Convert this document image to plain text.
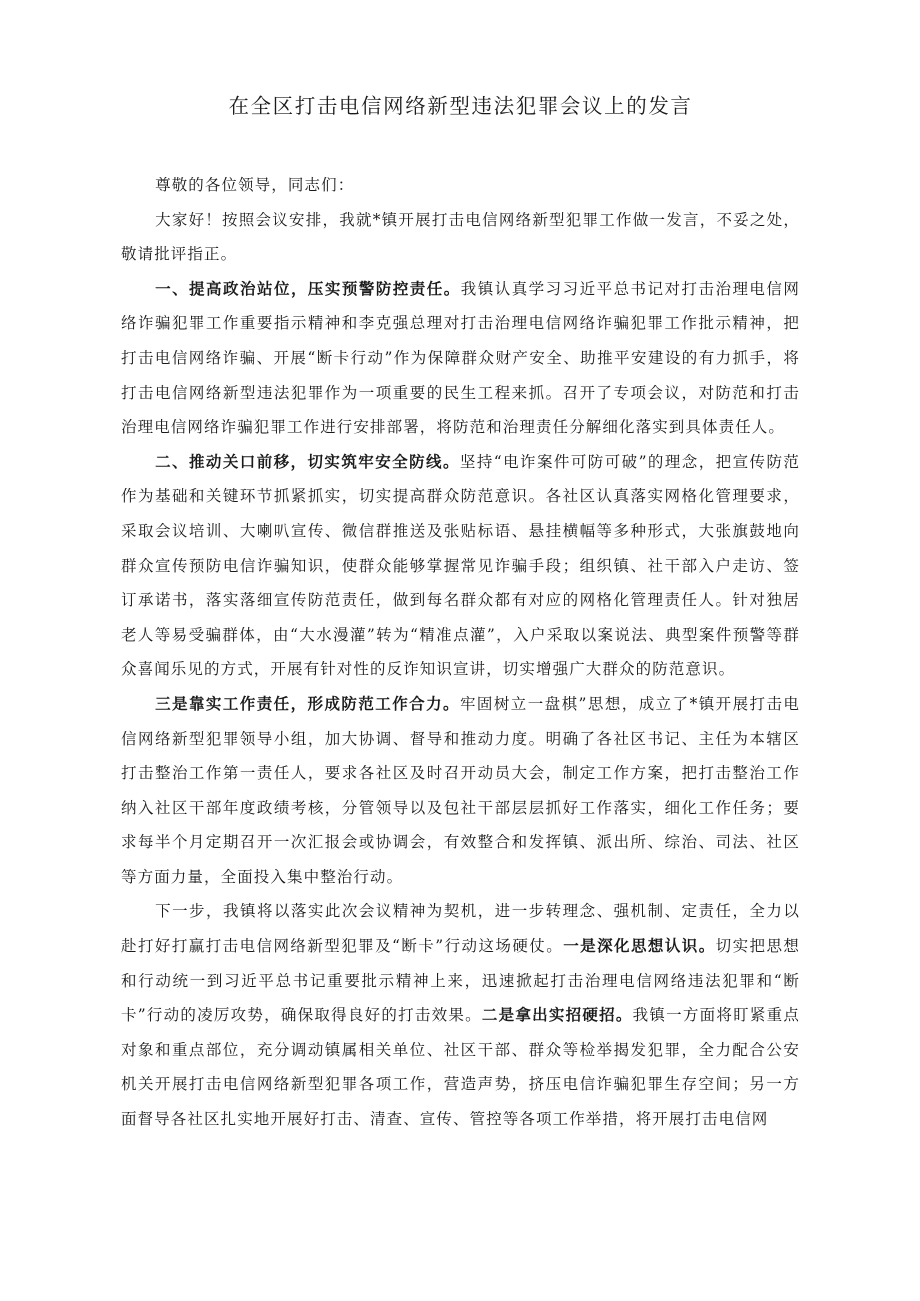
在全区打击电信网络新型违法犯罪会议上的发言

尊敬的各位领导，同志们：

大家好！按照会议安排，我就*镇开展打击电信网络新型犯罪工作做一发言，不妥之处，敬请批评指正。

一、提高政治站位，压实预警防控责任。我镇认真学习习近平总书记对打击治理电信网络诈骗犯罪工作重要指示精神和李克强总理对打击治理电信网络诈骗犯罪工作批示精神，把打击电信网络诈骗、开展“断卡行动”作为保障群众财产安全、助推平安建设的有力抓手，将打击电信网络新型违法犯罪作为一项重要的民生工程来抓。召开了专项会议，对防范和打击治理电信网络诈骗犯罪工作进行安排部署，将防范和治理责任分解细化落实到具体责任人。

二、推动关口前移，切实筑牢安全防线。坚持“电诈案件可防可破”的理念，把宣传防范作为基础和关键环节抓紧抓实，切实提高群众防范意识。各社区认真落实网格化管理要求，采取会议培训、大喇叭宣传、微信群推送及张贴标语、悬挂横幅等多种形式，大张旗鼓地向群众宣传预防电信诈骗知识，使群众能够掌握常见诈骗手段；组织镇、社干部入户走访、签订承诺书，落实落细宣传防范责任，做到每名群众都有对应的网格化管理责任人。针对独居老人等易受骗群体，由“大水漫灌”转为“精准点灌”，入户采取以案说法、典型案件预警等群众喜闻乐见的方式，开展有针对性的反诈知识宣讲，切实增强广大群众的防范意识。

三是靠实工作责任，形成防范工作合力。牢固树立一盘棋”思想，成立了*镇开展打击电信网络新型犯罪领导小组，加大协调、督导和推动力度。明确了各社区书记、主任为本辖区打击整治工作第一责任人，要求各社区及时召开动员大会，制定工作方案，把打击整治工作纳入社区干部年度政绩考核，分管领导以及包社干部层层抓好工作落实，细化工作任务；要求每半个月定期召开一次汇报会或协调会，有效整合和发挥镇、派出所、综治、司法、社区等方面力量，全面投入集中整治行动。

下一步，我镇将以落实此次会议精神为契机，进一步转理念、强机制、定责任，全力以赴打好打赢打击电信网络新型犯罪及“断卡”行动这场硬仗。一是深化思想认识。切实把思想和行动统一到习近平总书记重要批示精神上来，迅速掀起打击治理电信网络违法犯罪和“断卡”行动的凌厉攻势，确保取得良好的打击效果。二是拿出实招硬招。我镇一方面将盯紧重点对象和重点部位，充分调动镇属相关单位、社区干部、群众等检举揭发犯罪，全力配合公安机关开展打击电信网络新型犯罪各项工作，营造声势，挤压电信诈骗犯罪生存空间；另一方面督导各社区扎实地开展好打击、清查、宣传、管控等各项工作举措，将开展打击电信网
